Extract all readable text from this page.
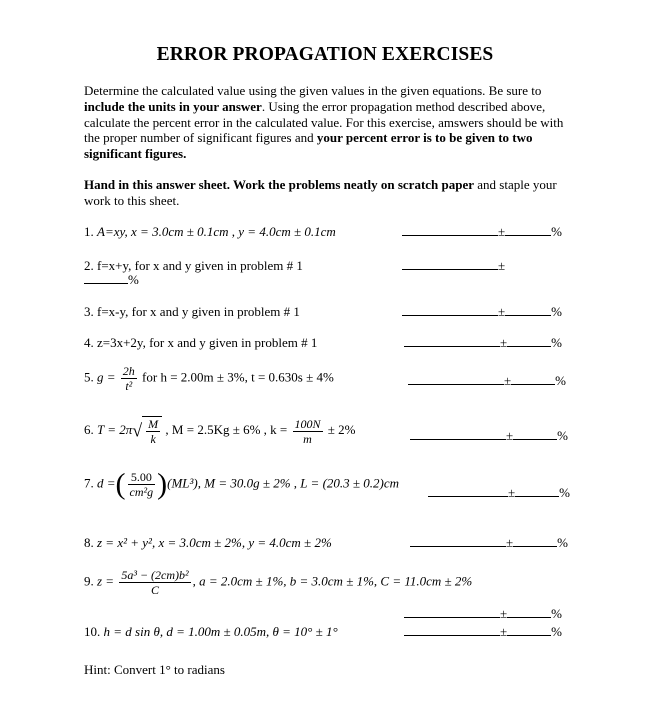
ERROR PROPAGATION EXERCISES
Determine the calculated value using the given values in the given equations. Be sure to include the units in your answer. Using the error propagation method described above, calculate the percent error in the calculated value. For this exercise, amswers should be with the proper number of significant figures and your percent error is to be given to two significant figures.
Hand in this answer sheet. Work the problems neatly on scratch paper and staple your work to this sheet.
1. A=xy, x = 3.0cm ± 0.1cm , y = 4.0cm ± 0.1cm	±	%
2. f=x+y, for x and y given in problem # 1	±
%
3. f=x-y, for x and y given in problem # 1	±	%
4. z=3x+2y, for x and y given in problem # 1	±	%
5. $g = \frac{2h}{\text{t²}}$ for h = 2.00m ± 3%, t = 0.630s ± 4%	±	%
6. $T = 2\pi√ \frac{M}{k}$ , M = 2.5Kg ± 6% , $k = \frac{100N}{m} \pm 2\%$	±	%
7. d =( $\frac{5.00}{\text{cm²g}} )(ML^3)$, M = 30.0g ± 2% , L = (20.3 ± 0.2)cm
±	%
8. z = x² + y², x = 3.0cm ± 2%, y = 4.0cm ± 2%	±	%
9. $z = \frac{\text{5a³ − (2cm)b²}}{C}$ , a = 2.0cm ± 1%, b = 3.0cm ± 1%, C = 11.0cm ± 2%
±	%
10. h = d sin θ, d = 1.00m ± 0.05m, θ = 10° ± 1°	±	%
Hint: Convert 1° to radians
